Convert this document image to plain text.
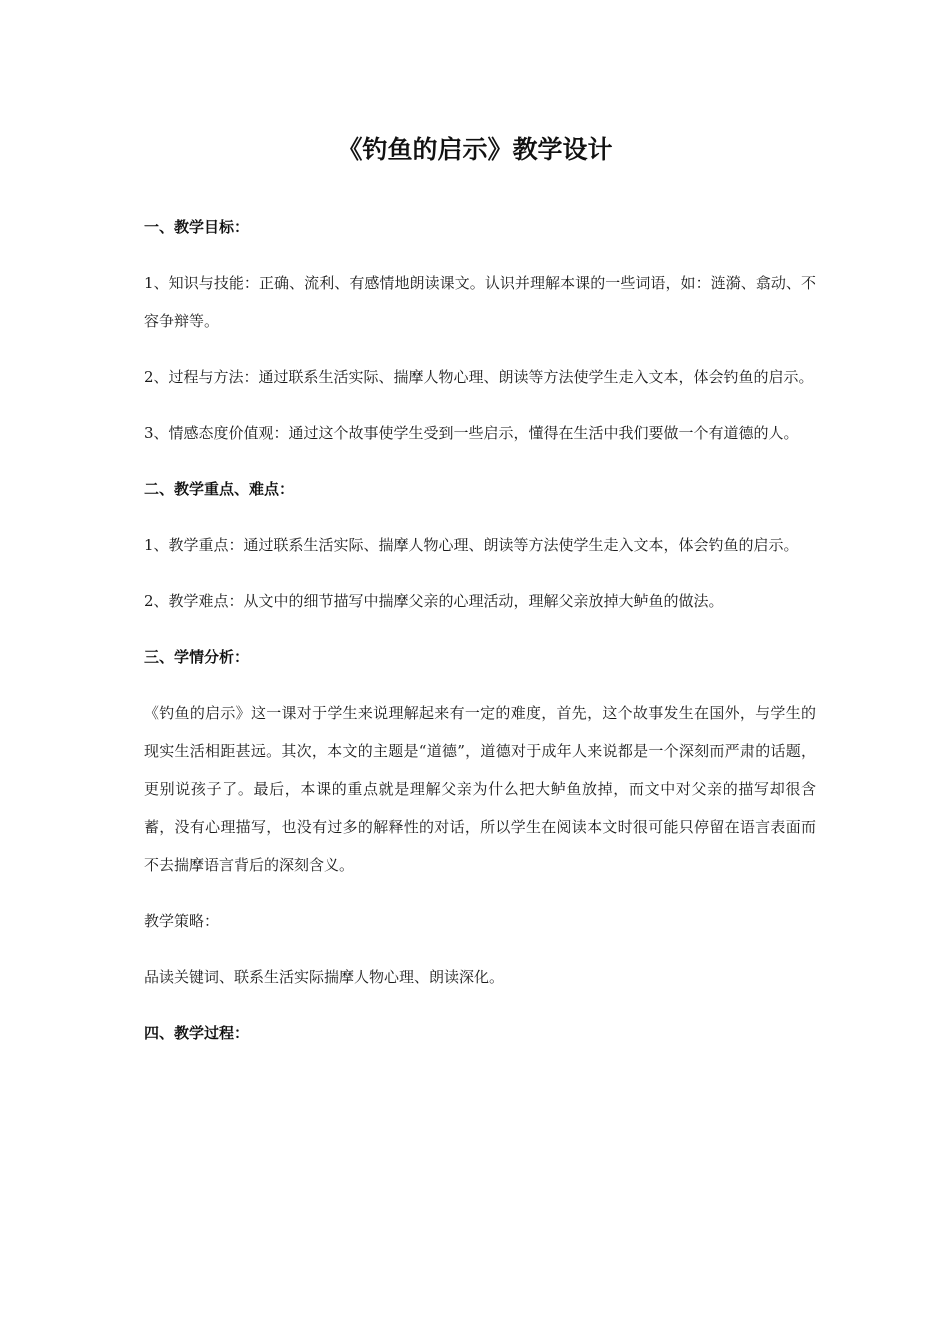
《钓鱼的启示》教学设计

一、教学目标：

1、知识与技能：正确、流利、有感情地朗读课文。认识并理解本课的一些词语，如：涟漪、翕动、不容争辩等。

2、过程与方法：通过联系生活实际、揣摩人物心理、朗读等方法使学生走入文本，体会钓鱼的启示。

3、情感态度价值观：通过这个故事使学生受到一些启示，懂得在生活中我们要做一个有道德的人。

二、教学重点、难点：

1、教学重点：通过联系生活实际、揣摩人物心理、朗读等方法使学生走入文本，体会钓鱼的启示。

2、教学难点：从文中的细节描写中揣摩父亲的心理活动，理解父亲放掉大鲈鱼的做法。

三、学情分析：

《钓鱼的启示》这一课对于学生来说理解起来有一定的难度，首先，这个故事发生在国外，与学生的现实生活相距甚远。其次，本文的主题是“道德”，道德对于成年人来说都是一个深刻而严肃的话题，更别说孩子了。最后，本课的重点就是理解父亲为什么把大鲈鱼放掉，而文中对父亲的描写却很含蓄，没有心理描写，也没有过多的解释性的对话，所以学生在阅读本文时很可能只停留在语言表面而不去揣摩语言背后的深刻含义。

教学策略：

品读关键词、联系生活实际揣摩人物心理、朗读深化。

四、教学过程：
